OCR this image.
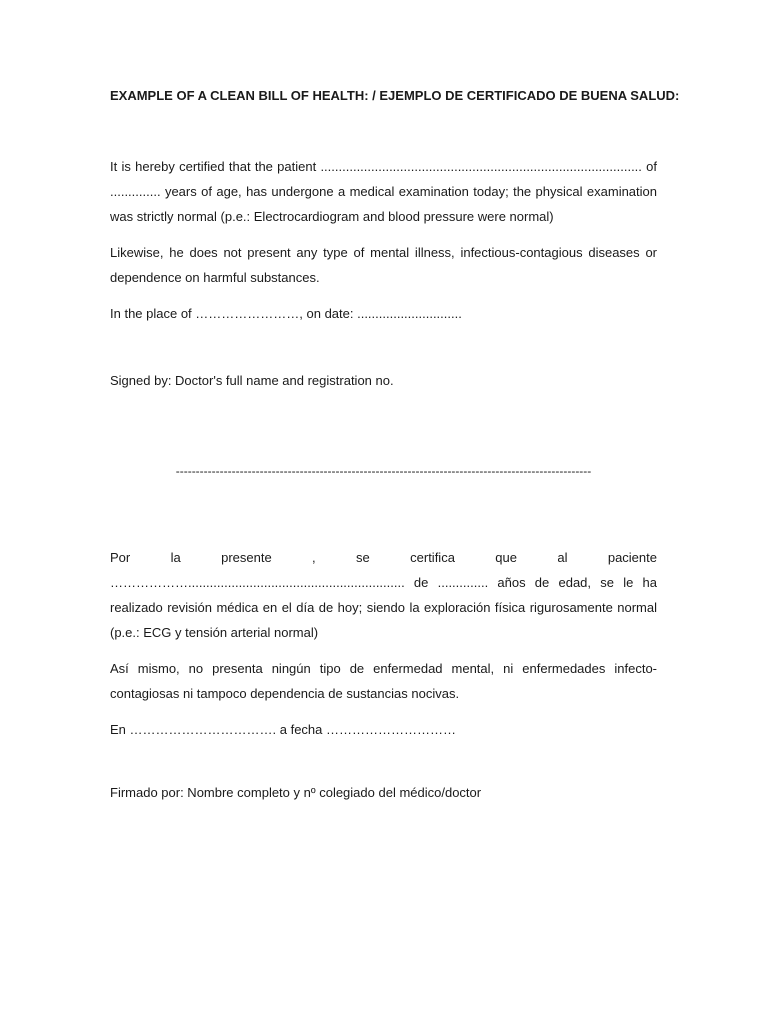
EXAMPLE OF A CLEAN BILL OF HEALTH: / EJEMPLO DE CERTIFICADO DE BUENA SALUD:

It is hereby certified that the patient ......................................................................................... of .............. years of age, has undergone a medical examination today; the physical examination was strictly normal (p.e.: Electrocardiogram and blood pressure were normal)

Likewise, he does not present any type of mental illness, infectious-contagious diseases or dependence on harmful substances.

In the place of ……………………, on date: .............................

Signed by: Doctor's full name and registration no.

--------------------------------------------------------------------------------------------------------

Por la presente , se certifica que al paciente ………………............................................................ de .............. años de edad, se le ha realizado revisión médica en el día de hoy; siendo la exploración física rigurosamente normal (p.e.: ECG y tensión arterial normal)

Así mismo, no presenta ningún tipo de enfermedad mental, ni enfermedades infecto-contagiosas ni tampoco dependencia de sustancias nocivas.

En ……………………………. a fecha …………………………

Firmado por: Nombre completo y nº colegiado del médico/doctor
